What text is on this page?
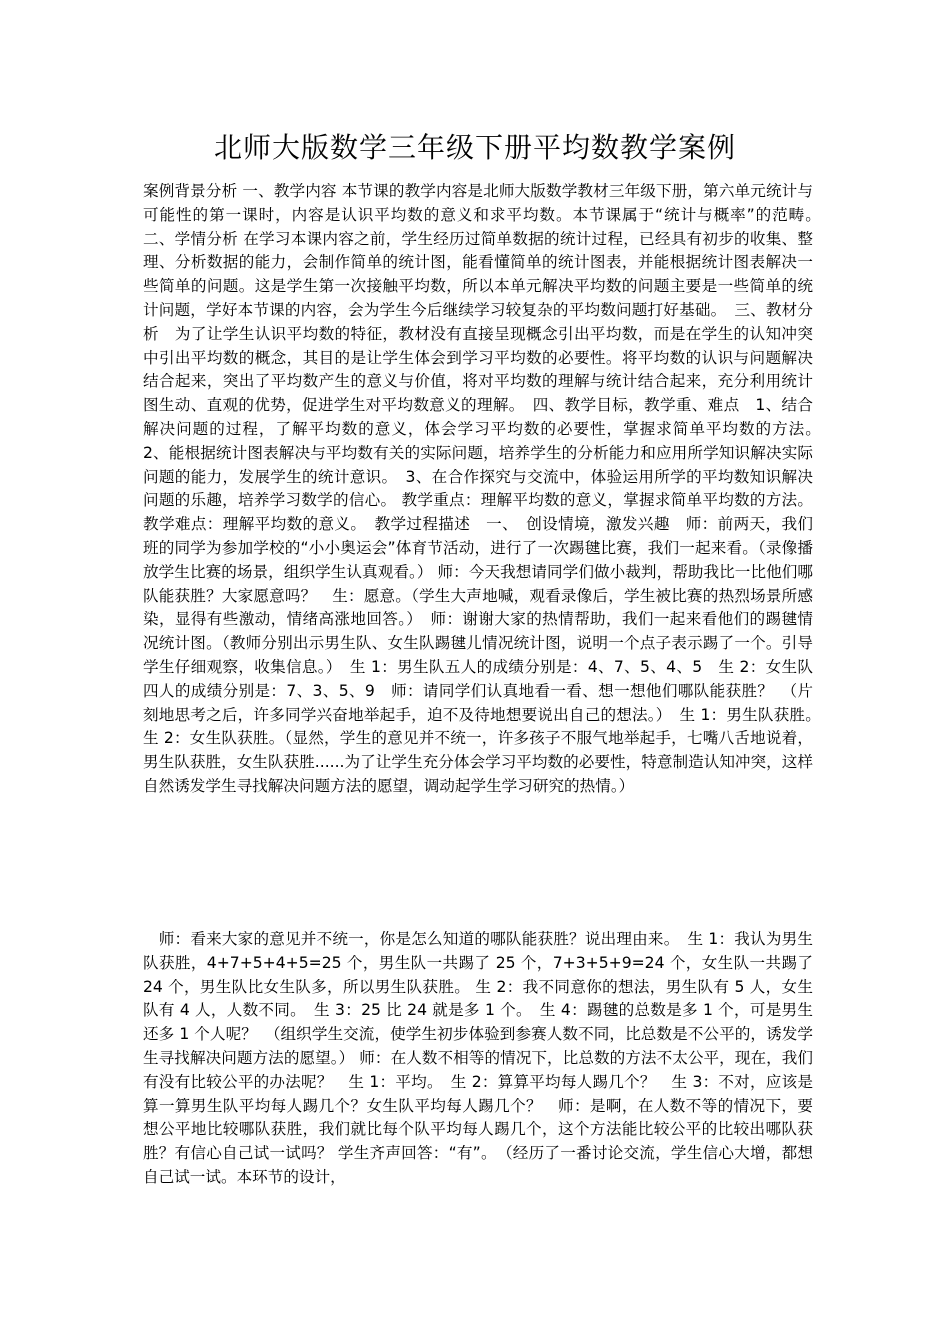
北师大版数学三年级下册平均数教学案例

案例背景分析 一、教学内容 本节课的教学内容是北师大版数学教材三年级下册，第六单元统计与可能性的第一课时，内容是认识平均数的意义和求平均数。本节课属于“统计与概率”的范畴。　二、学情分析 在学习本课内容之前，学生经历过简单数据的统计过程，已经具有初步的收集、整理、分析数据的能力，会制作简单的统计图，能看懂简单的统计图表，并能根据统计图表解决一些简单的问题。这是学生第一次接触平均数，所以本单元解决平均数的问题主要是一些简单的统计问题，学好本节课的内容，会为学生今后继续学习较复杂的平均数问题打好基础。　三、教材分析　为了让学生认识平均数的特征，教材没有直接呈现概念引出平均数，而是在学生的认知冲突中引出平均数的概念，其目的是让学生体会到学习平均数的必要性。将平均数的认识与问题解决结合起来，突出了平均数产生的意义与价值，将对平均数的理解与统计结合起来，充分利用统计图生动、直观的优势，促进学生对平均数意义的理解。　四、教学目标，教学重、难点　1、结合解决问题的过程，了解平均数的意义，体会学习平均数的必要性，掌握求简单平均数的方法。　2、能根据统计图表解决与平均数有关的实际问题，培养学生的分析能力和应用所学知识解决实际问题的能力，发展学生的统计意识。　3、在合作探究与交流中，体验运用所学的平均数知识解决问题的乐趣，培养学习数学的信心。 教学重点：理解平均数的意义，掌握求简单平均数的方法。 教学难点：理解平均数的意义。　教学过程描述　一、　创设情境，激发兴趣　师：前两天，我们班的同学为参加学校的“小小奥运会”体育节活动，进行了一次踢毽比赛，我们一起来看。（录像播放学生比赛的场景，组织学生认真观看。） 师：今天我想请同学们做小裁判，帮助我比一比他们哪队能获胜？大家愿意吗？　生：愿意。（学生大声地喊，观看录像后，学生被比赛的热烈场景所感染，显得有些激动，情绪高涨地回答。）　师：谢谢大家的热情帮助，我们一起来看他们的踢毽情况统计图。（教师分别出示男生队、女生队踢毽儿情况统计图，说明一个点子表示踢了一个。引导学生仔细观察，收集信息。）　生 1：男生队五人的成绩分别是：4、7、5、4、5　生 2：女生队四人的成绩分别是：7、3、5、9　师：请同学们认真地看一看、想一想他们哪队能获胜？　（片刻地思考之后，许多同学兴奋地举起手，迫不及待地想要说出自己的想法。）　生 1：男生队获胜。　生 2：女生队获胜。（显然，学生的意见并不统一，许多孩子不服气地举起手，七嘴八舌地说着，男生队获胜，女生队获胜......为了让学生充分体会学习平均数的必要性，特意制造认知冲突，这样自然诱发学生寻找解决问题方法的愿望，调动起学生学习研究的热情。）

　师：看来大家的意见并不统一，你是怎么知道的哪队能获胜？说出理由来。　生 1：我认为男生队获胜，4+7+5+4+5=25 个，男生队一共踢了 25 个，7+3+5+9=24 个，女生队一共踢了 24 个，男生队比女生队多，所以男生队获胜。 生 2：我不同意你的想法，男生队有 5 人，女生队有 4 人，人数不同。　生 3：25 比 24 就是多 1 个。　生 4：踢毽的总数是多 1 个，可是男生还多 1 个人呢？　（组织学生交流，使学生初步体验到参赛人数不同，比总数是不公平的，诱发学生寻找解决问题方法的愿望。） 师：在人数不相等的情况下，比总数的方法不太公平，现在，我们有没有比较公平的办法呢？　生 1：平均。　生 2：算算平均每人踢几个？　生 3：不对，应该是算一算男生队平均每人踢几个？女生队平均每人踢几个？　师：是啊，在人数不等的情况下，要想公平地比较哪队获胜，我们就比每个队平均每人踢几个，这个方法能比较公平的比较出哪队获胜？有信心自己试一试吗？ 学生齐声回答：“有”。　（经历了一番讨论交流，学生信心大增，都想自己试一试。本环节的设计，
